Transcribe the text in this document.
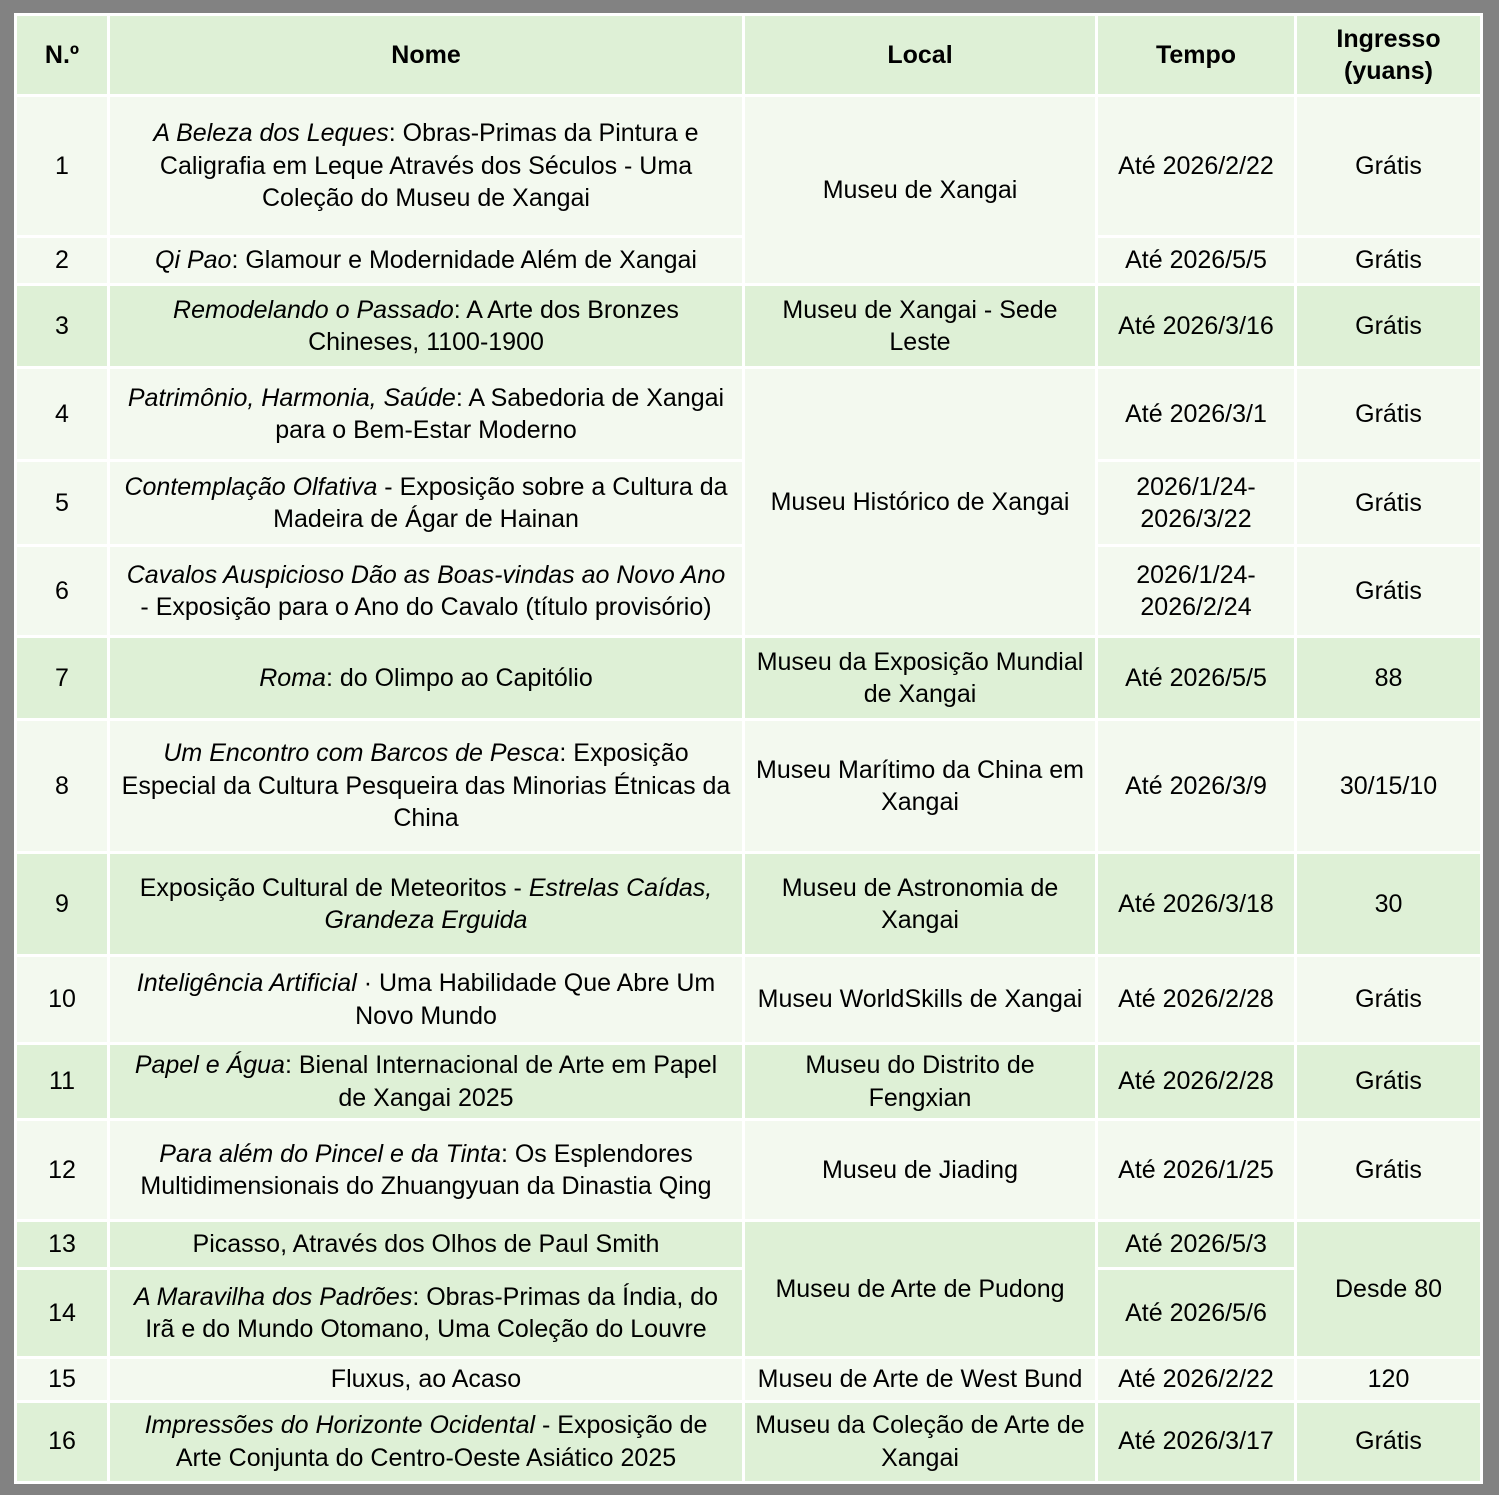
N.º	Nome	Local	Tempo	Ingresso (yuans)
1	A Beleza dos Leques: Obras-Primas da Pintura e Caligrafia em Leque Através dos Séculos - Uma Coleção do Museu de Xangai	Museu de Xangai	Até 2026/2/22	Grátis
2	Qi Pao: Glamour e Modernidade Além de Xangai		Até 2026/5/5	Grátis
3	Remodelando o Passado: A Arte dos Bronzes Chineses, 1100-1900	Museu de Xangai - Sede Leste	Até 2026/3/16	Grátis
4	Patrimônio, Harmonia, Saúde: A Sabedoria de Xangai para o Bem-Estar Moderno	Museu Histórico de Xangai	Até 2026/3/1	Grátis
5	Contemplação Olfativa - Exposição sobre a Cultura da Madeira de Ágar de Hainan		2026/1/24-2026/3/22	Grátis
6	Cavalos Auspicioso Dão as Boas-vindas ao Novo Ano - Exposição para o Ano do Cavalo (título provisório)		2026/1/24-2026/2/24	Grátis
7	Roma: do Olimpo ao Capitólio	Museu da Exposição Mundial de Xangai	Até 2026/5/5	88
8	Um Encontro com Barcos de Pesca: Exposição Especial da Cultura Pesqueira das Minorias Étnicas da China	Museu Marítimo da China em Xangai	Até 2026/3/9	30/15/10
9	Exposição Cultural de Meteoritos - Estrelas Caídas, Grandeza Erguida	Museu de Astronomia de Xangai	Até 2026/3/18	30
10	Inteligência Artificial · Uma Habilidade Que Abre Um Novo Mundo	Museu WorldSkills de Xangai	Até 2026/2/28	Grátis
11	Papel e Água: Bienal Internacional de Arte em Papel de Xangai 2025	Museu do Distrito de Fengxian	Até 2026/2/28	Grátis
12	Para além do Pincel e da Tinta: Os Esplendores Multidimensionais do Zhuangyuan da Dinastia Qing	Museu de Jiading	Até 2026/1/25	Grátis
13	Picasso, Através dos Olhos de Paul Smith	Museu de Arte de Pudong	Até 2026/5/3	Desde 80
14	A Maravilha dos Padrões: Obras-Primas da Índia, do Irã e do Mundo Otomano, Uma Coleção do Louvre		Até 2026/5/6	
15	Fluxus, ao Acaso	Museu de Arte de West Bund	Até 2026/2/22	120
16	Impressões do Horizonte Ocidental - Exposição de Arte Conjunta do Centro-Oeste Asiático 2025	Museu da Coleção de Arte de Xangai	Até 2026/3/17	Grátis
